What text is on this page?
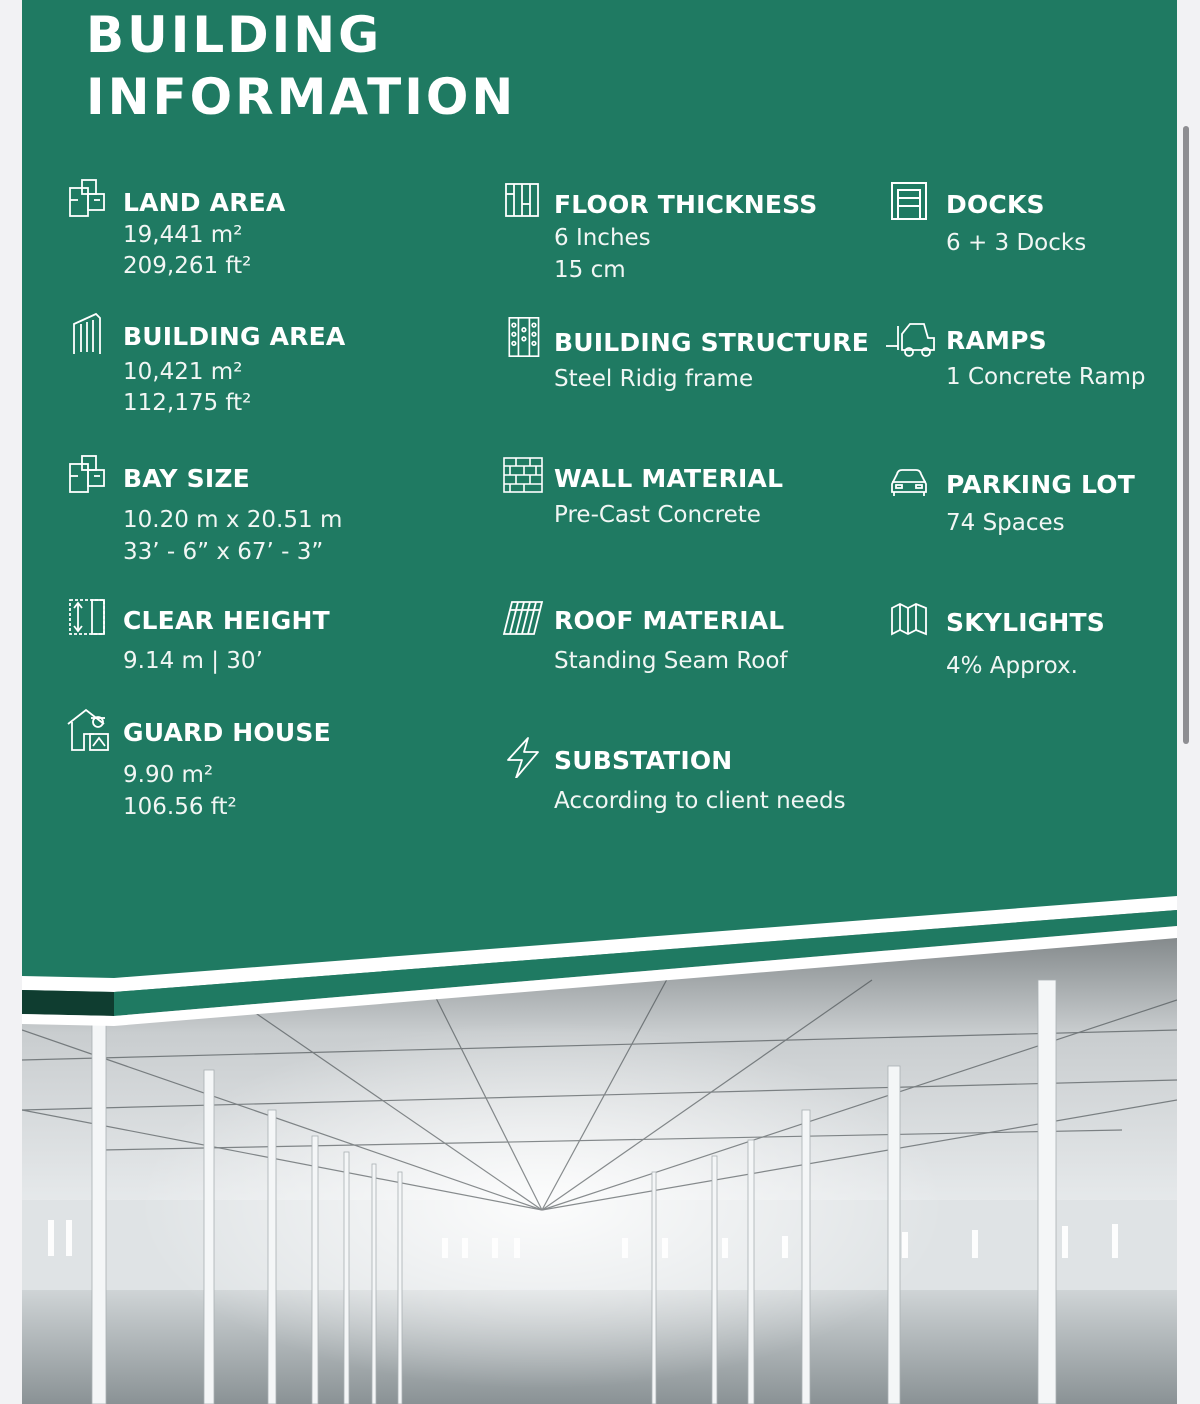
BUILDING
INFORMATION
LAND AREA
19,441 m²
209,261 ft²
FLOOR THICKNESS
6 Inches
15 cm
DOCKS
6 + 3 Docks
BUILDING AREA
10,421 m²
112,175 ft²
BUILDING STRUCTURE
Steel Ridig frame
RAMPS
1 Concrete Ramp
BAY SIZE
10.20 m x 20.51 m
33’ - 6” x 67’ - 3”
WALL MATERIAL
Pre-Cast Concrete
PARKING LOT
74 Spaces
CLEAR HEIGHT
9.14 m | 30’
ROOF MATERIAL
Standing Seam Roof
SKYLIGHTS
4% Approx.
GUARD HOUSE
9.90 m²
106.56 ft²
SUBSTATION
According to client needs
